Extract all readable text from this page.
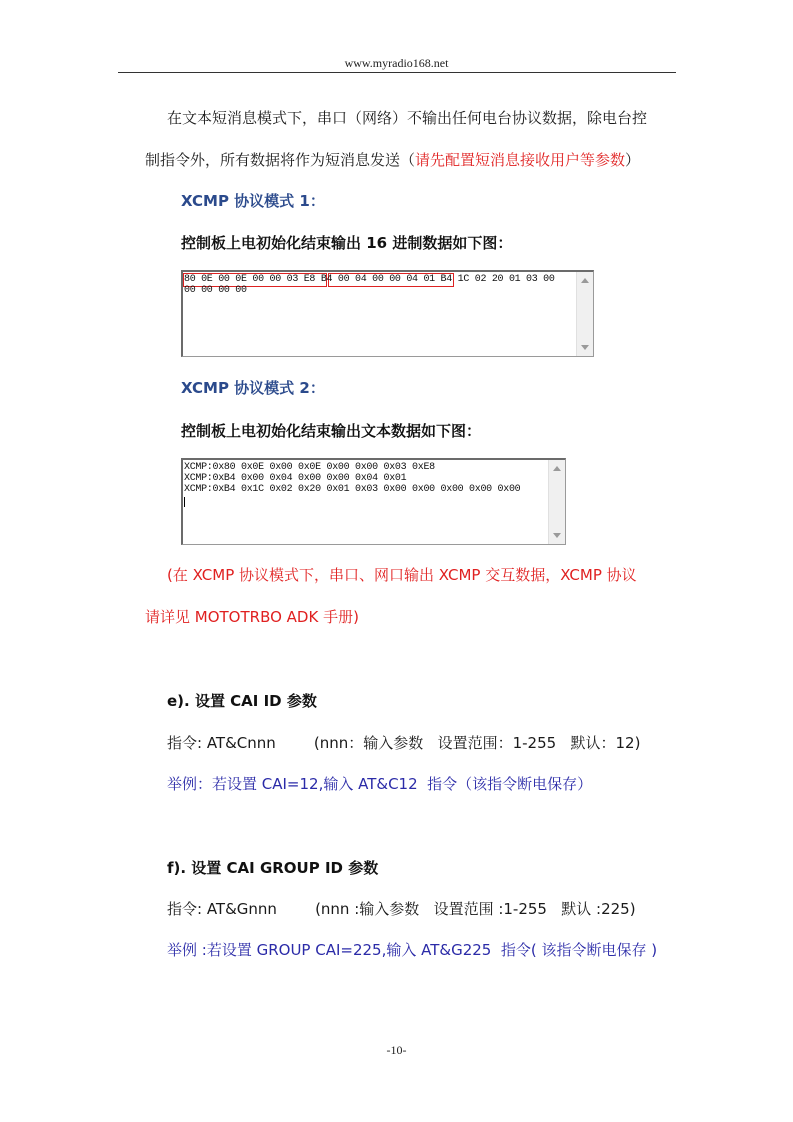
www.myradio168.net
在文本短消息模式下，串口（网络）不输出任何电台协议数据，除电台控
制指令外，所有数据将作为短消息发送（请先配置短消息接收用户等参数）
XCMP 协议模式 1：
控制板上电初始化结束输出 16 进制数据如下图：
80 0E 00 0E 00 00 03 E8 B4 00 04 00 00 04 01 B4 1C 02 20 01 03 00
00 00 00 00
XCMP 协议模式 2：
控制板上电初始化结束输出文本数据如下图：
XCMP:0x80 0x0E 0x00 0x0E 0x00 0x00 0x03 0xE8
XCMP:0xB4 0x00 0x04 0x00 0x00 0x04 0x01
XCMP:0xB4 0x1C 0x02 0x20 0x01 0x03 0x00 0x00 0x00 0x00 0x00
(在 XCMP 协议模式下，串口、网口输出 XCMP 交互数据，XCMP 协议
请详见 MOTOTRBO ADK 手册)
e). 设置 CAI ID 参数
指令: AT&Cnnn        (nnn：输入参数   设置范围：1-255   默认：12)
举例：若设置 CAI=12,输入 AT&C12  指令（该指令断电保存）
f). 设置 CAI GROUP ID 参数
指令: AT&Gnnn        (nnn :输入参数   设置范围 :1-255   默认 :225)
举例 :若设置 GROUP CAI=225,输入 AT&G225  指令( 该指令断电保存 )
-10-
